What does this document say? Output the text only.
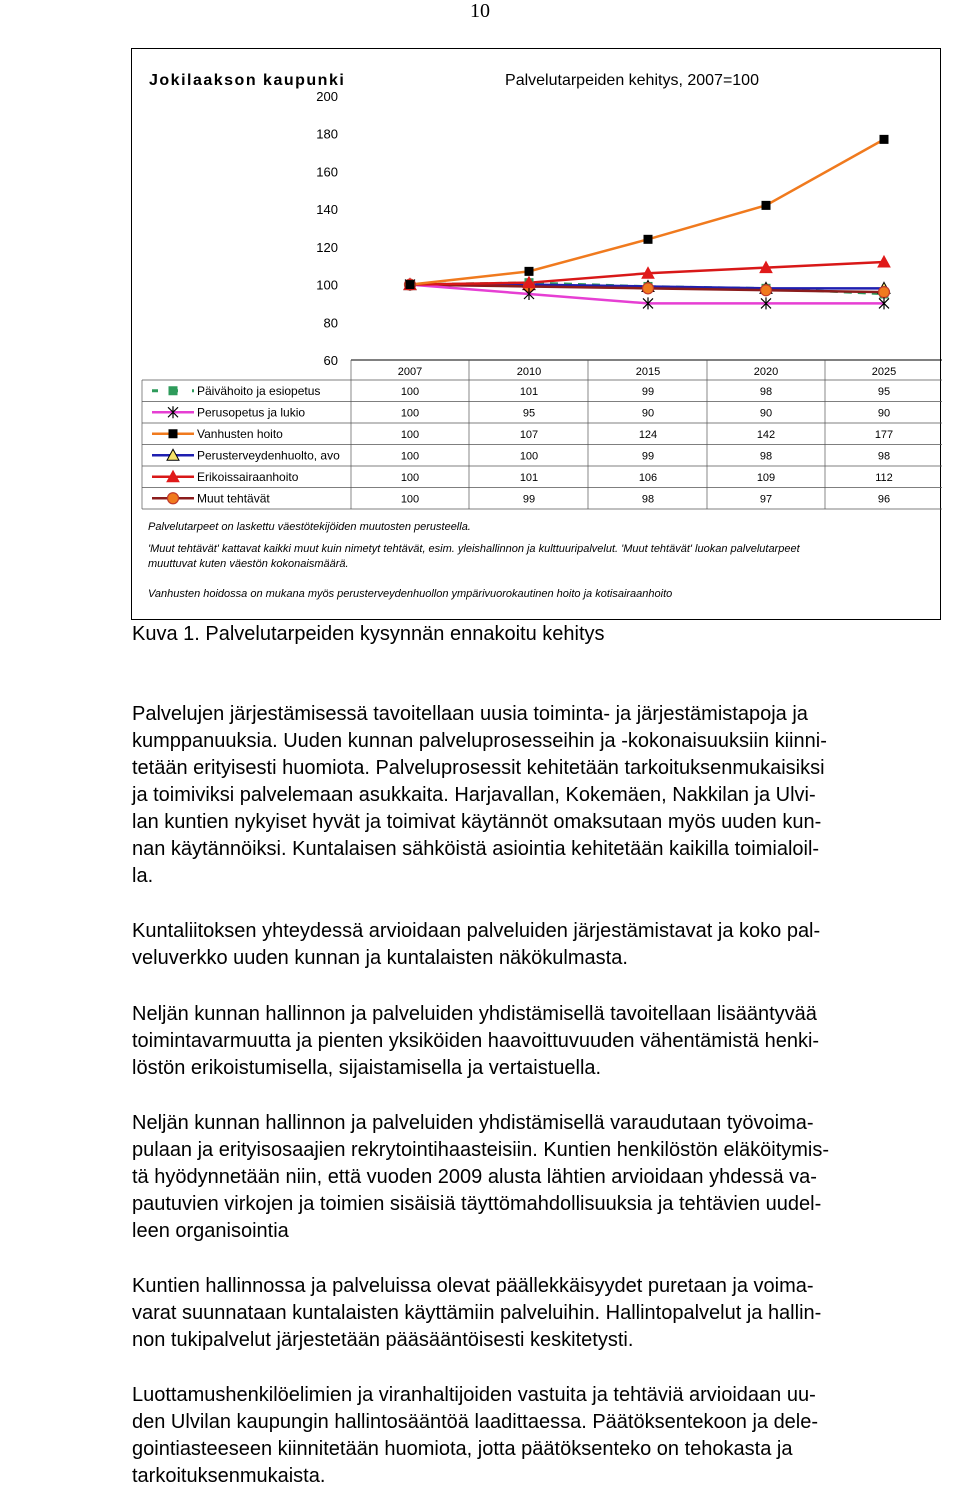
10
Jokilaakson kaupunki	Palvelutarpeiden kehitys, 2007=100
60
80
100
120
140
160
180
200
2007	2010	2015	2020	2025
Päivähoito ja esiopetus	100	101	99	98	95
Perusopetus ja lukio	100	95	90	90	90
Vanhusten hoito	100	107	124	142	177
Perusterveydenhuolto, avo	100	100	99	98	98
Erikoissairaanhoito	100	101	106	109	112
Muut tehtävät	100	99	98	97	96
Palvelutarpeet on laskettu väestötekijöiden muutosten perusteella.
'Muut tehtävät' kattavat kaikki muut kuin nimetyt tehtävät, esim. yleishallinnon ja kulttuuripalvelut. 'Muut tehtävät' luokan palvelutarpeet
muuttuvat kuten väestön kokonaismäärä.
Vanhusten hoidossa on mukana myös perusterveydenhuollon ympärivuorokautinen hoito ja kotisairaanhoito
Kuva 1. Palvelutarpeiden kysynnän ennakoitu kehitys

Palvelujen järjestämisessä tavoitellaan uusia toiminta- ja järjestämistapoja ja
kumppanuuksia. Uuden kunnan palveluprosesseihin ja -kokonaisuuksiin kiinni-
tetään erityisesti huomiota. Palveluprosessit kehitetään tarkoituksenmukaisiksi
ja toimiviksi palvelemaan asukkaita. Harjavallan, Kokemäen, Nakkilan ja Ulvi-
lan kuntien nykyiset hyvät ja toimivat käytännöt omaksutaan myös uuden kun-
nan käytännöiksi. Kuntalaisen sähköistä asiointia kehitetään kaikilla toimialoil-
la.

Kuntaliitoksen yhteydessä arvioidaan palveluiden järjestämistavat ja koko pal-
veluverkko uuden kunnan ja kuntalaisten näkökulmasta.

Neljän kunnan hallinnon ja palveluiden yhdistämisellä tavoitellaan lisääntyvää
toimintavarmuutta ja pienten yksiköiden haavoittuvuuden vähentämistä henki-
löstön erikoistumisella, sijaistamisella ja vertaistuella.

Neljän kunnan hallinnon ja palveluiden yhdistämisellä varaudutaan työvoima-
pulaan ja erityisosaajien rekrytointihaasteisiin. Kuntien henkilöstön eläköitymis-
tä hyödynnetään niin, että vuoden 2009 alusta lähtien arvioidaan yhdessä va-
pautuvien virkojen ja toimien sisäisiä täyttömahdollisuuksia ja tehtävien uudel-
leen organisointia

Kuntien hallinnossa ja palveluissa olevat päällekkäisyydet puretaan ja voima-
varat suunnataan kuntalaisten käyttämiin palveluihin. Hallintopalvelut ja hallin-
non tukipalvelut järjestetään pääsääntöisesti keskitetysti.

Luottamushenkilöelimien ja viranhaltijoiden vastuita ja tehtäviä arvioidaan uu-
den Ulvilan kaupungin hallintosääntöä laadittaessa. Päätöksentekoon ja dele-
gointiasteeseen kiinnitetään huomiota, jotta päätöksenteko on tehokasta ja
tarkoituksenmukaista.
